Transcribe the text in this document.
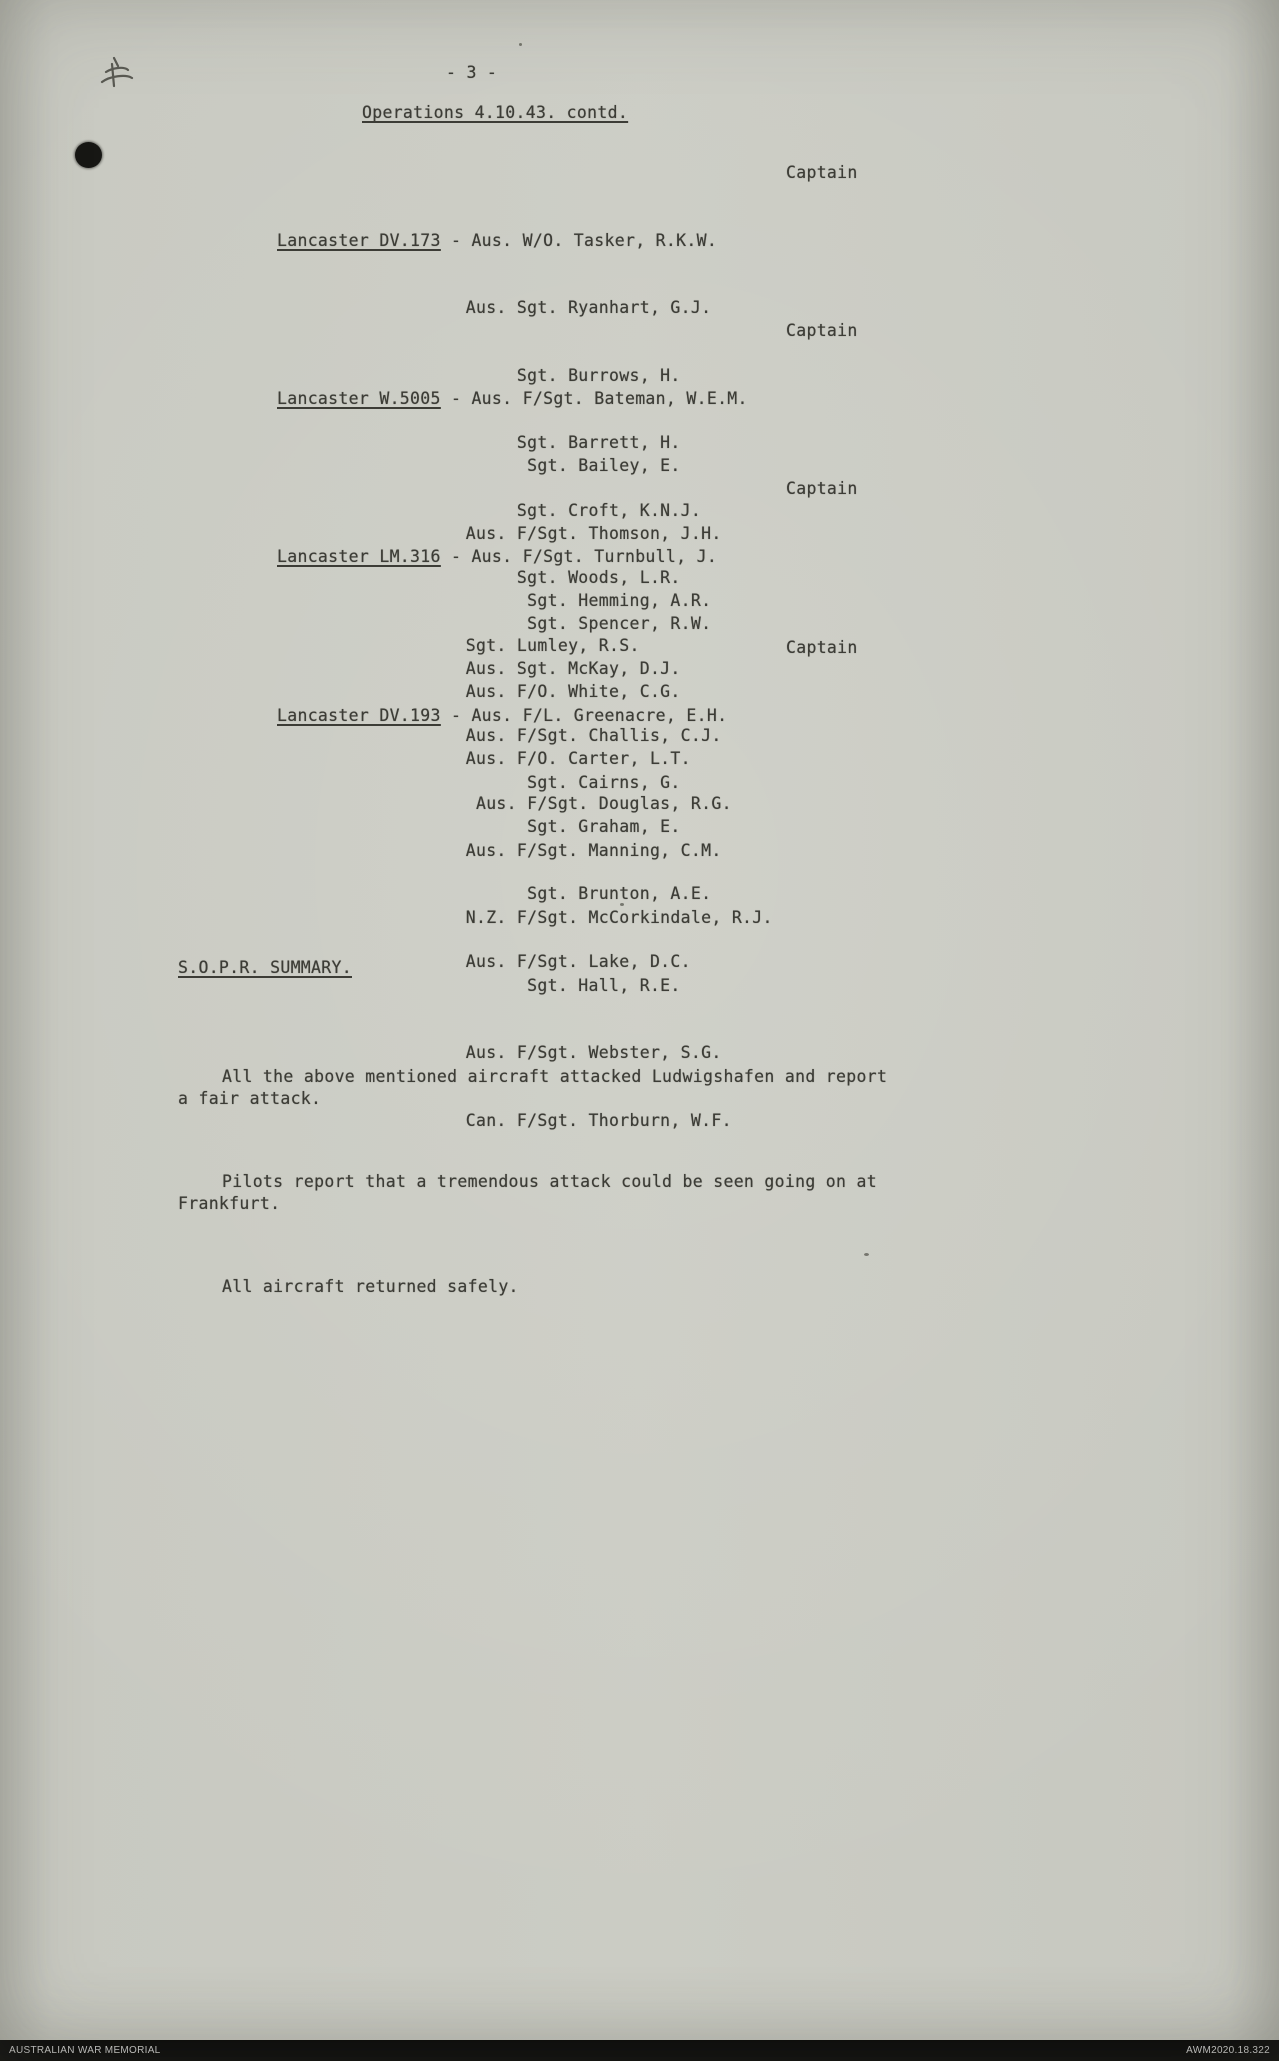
- 3 -
Operations 4.10.43. contd.

Captain

Lancaster DV.173 - Aus. W/O. Tasker, R.K.W.

Aus. Sgt. Ryanhart, G.J.

Sgt. Burrows, H.

Sgt. Barrett, H.

Sgt. Croft, K.N.J.

Sgt. Woods, L.R.

Sgt. Lumley, R.S.

Captain

Lancaster W.5005 - Aus. F/Sgt. Bateman, W.E.M.

Sgt. Bailey, E.

Aus. F/Sgt. Thomson, J.H.

Sgt. Hemming, A.R.

Aus. Sgt. McKay, D.J.

Aus. F/Sgt. Challis, C.J.

Aus. F/Sgt. Douglas, R.G.

Captain

Lancaster LM.316 - Aus. F/Sgt. Turnbull, J.

Sgt. Spencer, R.W.

Aus. F/O. White, C.G.

Aus. F/O. Carter, L.T.

Sgt. Graham, E.

Sgt. Brunton, A.E.

Aus. F/Sgt. Lake, D.C.

Captain

Lancaster DV.193 - Aus. F/L. Greenacre, E.H.

Sgt. Cairns, G.

Aus. F/Sgt. Manning, C.M.

N.Z. F/Sgt. McCorkindale, R.J.

Sgt. Hall, R.E.

Aus. F/Sgt. Webster, S.G.

Can. F/Sgt. Thorburn, W.F.

S.O.P.R. SUMMARY.

All the above mentioned aircraft attacked Ludwigshafen and report a fair attack.

Pilots report that a tremendous attack could be seen going on at Frankfurt.

All aircraft returned safely.

AUSTRALIAN WAR MEMORIAL	AWM2020.18.322
